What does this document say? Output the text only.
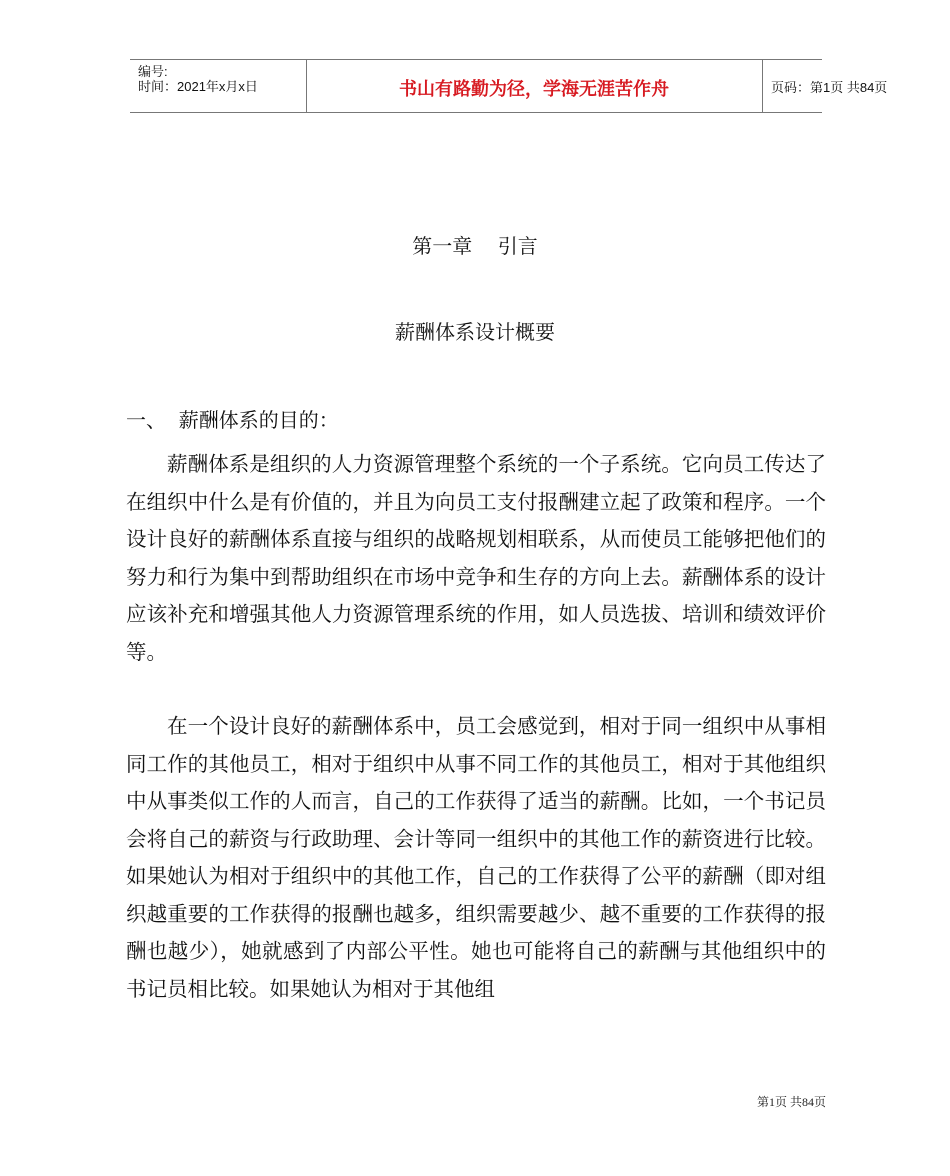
编号:
时间：2021年x月x日	书山有路勤为径，学海无涯苦作舟	页码：第1页 共84页
第一章    引言
薪酬体系设计概要
一、  薪酬体系的目的：

薪酬体系是组织的人力资源管理整个系统的一个子系统。它向员工传达了在组织中什么是有价值的，并且为向员工支付报酬建立起了政策和程序。一个设计良好的薪酬体系直接与组织的战略规划相联系，从而使员工能够把他们的努力和行为集中到帮助组织在市场中竞争和生存的方向上去。薪酬体系的设计应该补充和增强其他人力资源管理系统的作用，如人员选拔、培训和绩效评价等。

在一个设计良好的薪酬体系中，员工会感觉到，相对于同一组织中从事相同工作的其他员工，相对于组织中从事不同工作的其他员工，相对于其他组织中从事类似工作的人而言，自己的工作获得了适当的薪酬。比如，一个书记员会将自己的薪资与行政助理、会计等同一组织中的其他工作的薪资进行比较。如果她认为相对于组织中的其他工作，自己的工作获得了公平的薪酬（即对组织越重要的工作获得的报酬也越多，组织需要越少、越不重要的工作获得的报酬也越少），她就感到了内部公平性。她也可能将自己的薪酬与其他组织中的书记员相比较。如果她认为相对于其他组

第1页 共84页
